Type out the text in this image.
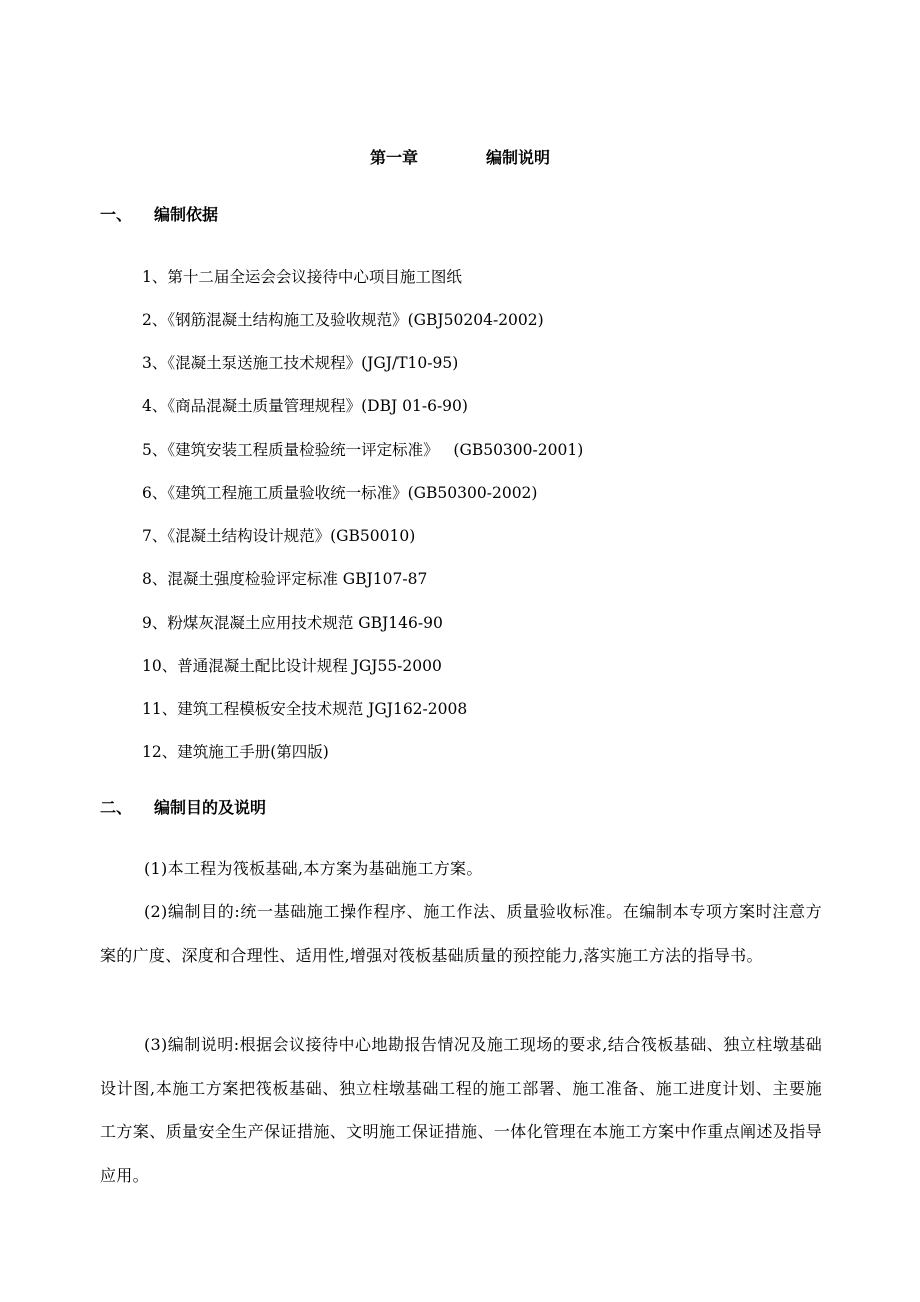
第一章	编制说明
一、 编制依据
1、第十二届全运会会议接待中心项目施工图纸
2、《钢筋混凝土结构施工及验收规范》(GBJ50204-2002)
3、《混凝土泵送施工技术规程》(JGJ/T10-95)
4、《商品混凝土质量管理规程》(DBJ 01-6-90)
5、《建筑安装工程质量检验统一评定标准》   (GB50300-2001)
6、《建筑工程施工质量验收统一标准》(GB50300-2002)
7、《混凝土结构设计规范》(GB50010)
8、混凝土强度检验评定标准 GBJ107-87
9、粉煤灰混凝土应用技术规范 GBJ146-90
10、普通混凝土配比设计规程 JGJ55-2000
11、建筑工程模板安全技术规范 JGJ162-2008
12、建筑施工手册(第四版)
二、 编制目的及说明
(1)本工程为筏板基础,本方案为基础施工方案。
(2)编制目的:统一基础施工操作程序、施工作法、质量验收标准。在编制本专项方案时注意方案的广度、深度和合理性、适用性,增强对筏板基础质量的预控能力,落实施工方法的指导书。
(3)编制说明:根据会议接待中心地勘报告情况及施工现场的要求,结合筏板基础、独立柱墩基础设计图,本施工方案把筏板基础、独立柱墩基础工程的施工部署、施工准备、施工进度计划、主要施工方案、质量安全生产保证措施、文明施工保证措施、一体化管理在本施工方案中作重点阐述及指导应用。
